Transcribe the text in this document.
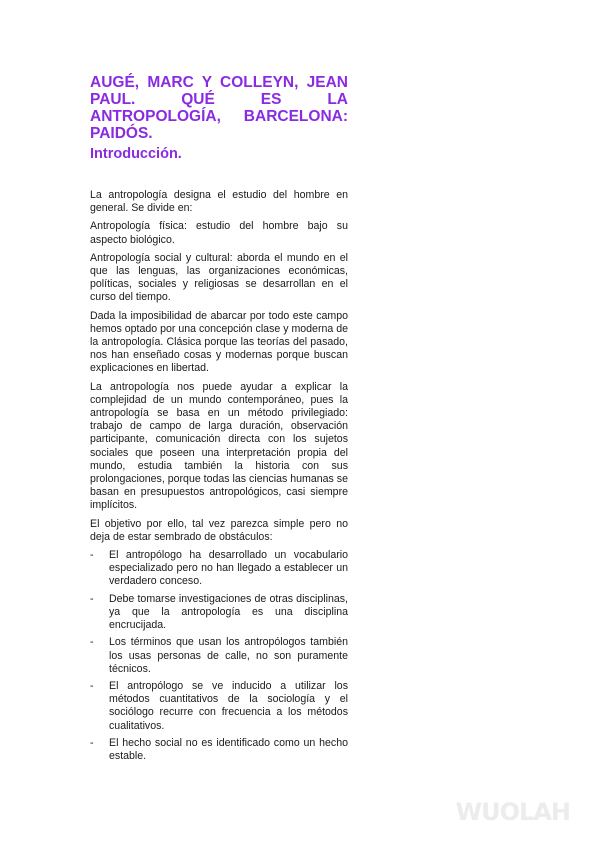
AUGÉ, MARC Y COLLEYN, JEAN PAUL. QUÉ ES LA ANTROPOLOGÍA, BARCELONA: PAIDÓS.
Introducción.

La antropología designa el estudio del hombre en general. Se divide en:

Antropología física: estudio del hombre bajo su aspecto biológico.

Antropología social y cultural: aborda el mundo en el que las lenguas, las organizaciones económicas, políticas, sociales y religiosas se desarrollan en el curso del tiempo.

Dada la imposibilidad de abarcar por todo este campo hemos optado por una concepción clase y moderna de la antropología. Clásica porque las teorías del pasado, nos han enseñado cosas y modernas porque buscan explicaciones en libertad.

La antropología nos puede ayudar a explicar la complejidad de un mundo contemporáneo, pues la antropología se basa en un método privilegiado: trabajo de campo de larga duración, observación participante, comunicación directa con los sujetos sociales que poseen una interpretación propia del mundo, estudia también la historia con sus prolongaciones, porque todas las ciencias humanas se basan en presupuestos antropológicos, casi siempre implícitos.

El objetivo por ello, tal vez parezca simple pero no deja de estar sembrado de obstáculos:

- El antropólogo ha desarrollado un vocabulario especializado pero no han llegado a establecer un verdadero conceso.
- Debe tomarse investigaciones de otras disciplinas, ya que la antropología es una disciplina encrucijada.
- Los términos que usan los antropólogos también los usas personas de calle, no son puramente técnicos.
- El antropólogo se ve inducido a utilizar los métodos cuantitativos de la sociología y el sociólogo recurre con frecuencia a los métodos cualitativos.
- El hecho social no es identificado como un hecho estable.
WUOLAH
